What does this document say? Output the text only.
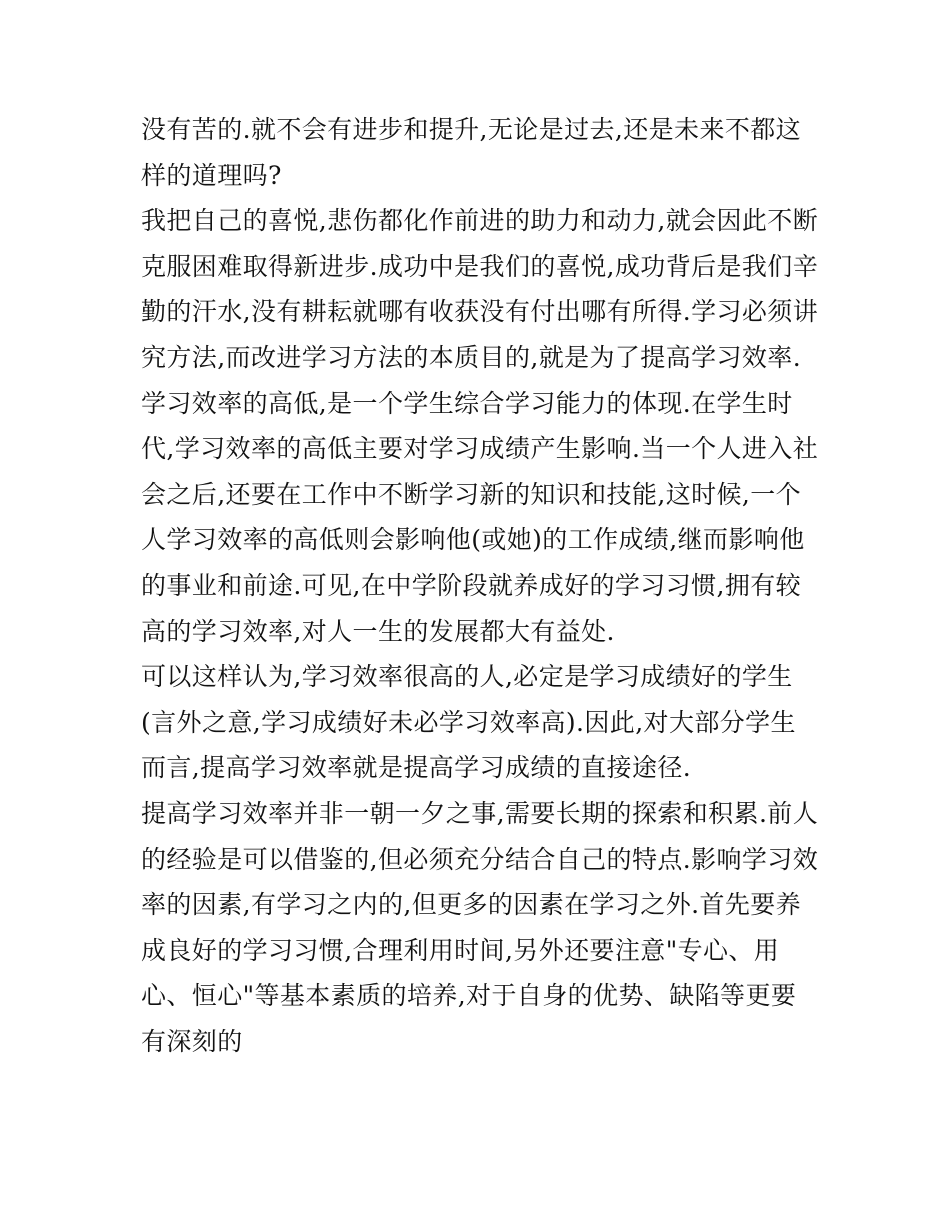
没有苦的.就不会有进步和提升,无论是过去,还是未来不都这样的道理吗?

我把自己的喜悦,悲伤都化作前进的助力和动力,就会因此不断克服困难取得新进步.成功中是我们的喜悦,成功背后是我们辛勤的汗水,没有耕耘就哪有收获没有付出哪有所得.学习必须讲究方法,而改进学习方法的本质目的,就是为了提高学习效率.

学习效率的高低,是一个学生综合学习能力的体现.在学生时代,学习效率的高低主要对学习成绩产生影响.当一个人进入社会之后,还要在工作中不断学习新的知识和技能,这时候,一个人学习效率的高低则会影响他(或她)的工作成绩,继而影响他的事业和前途.可见,在中学阶段就养成好的学习习惯,拥有较高的学习效率,对人一生的发展都大有益处.

可以这样认为,学习效率很高的人,必定是学习成绩好的学生(言外之意,学习成绩好未必学习效率高).因此,对大部分学生而言,提高学习效率就是提高学习成绩的直接途径.

提高学习效率并非一朝一夕之事,需要长期的探索和积累.前人的经验是可以借鉴的,但必须充分结合自己的特点.影响学习效率的因素,有学习之内的,但更多的因素在学习之外.首先要养成良好的学习习惯,合理利用时间,另外还要注意"专心、用心、恒心"等基本素质的培养,对于自身的优势、缺陷等更要有深刻的
